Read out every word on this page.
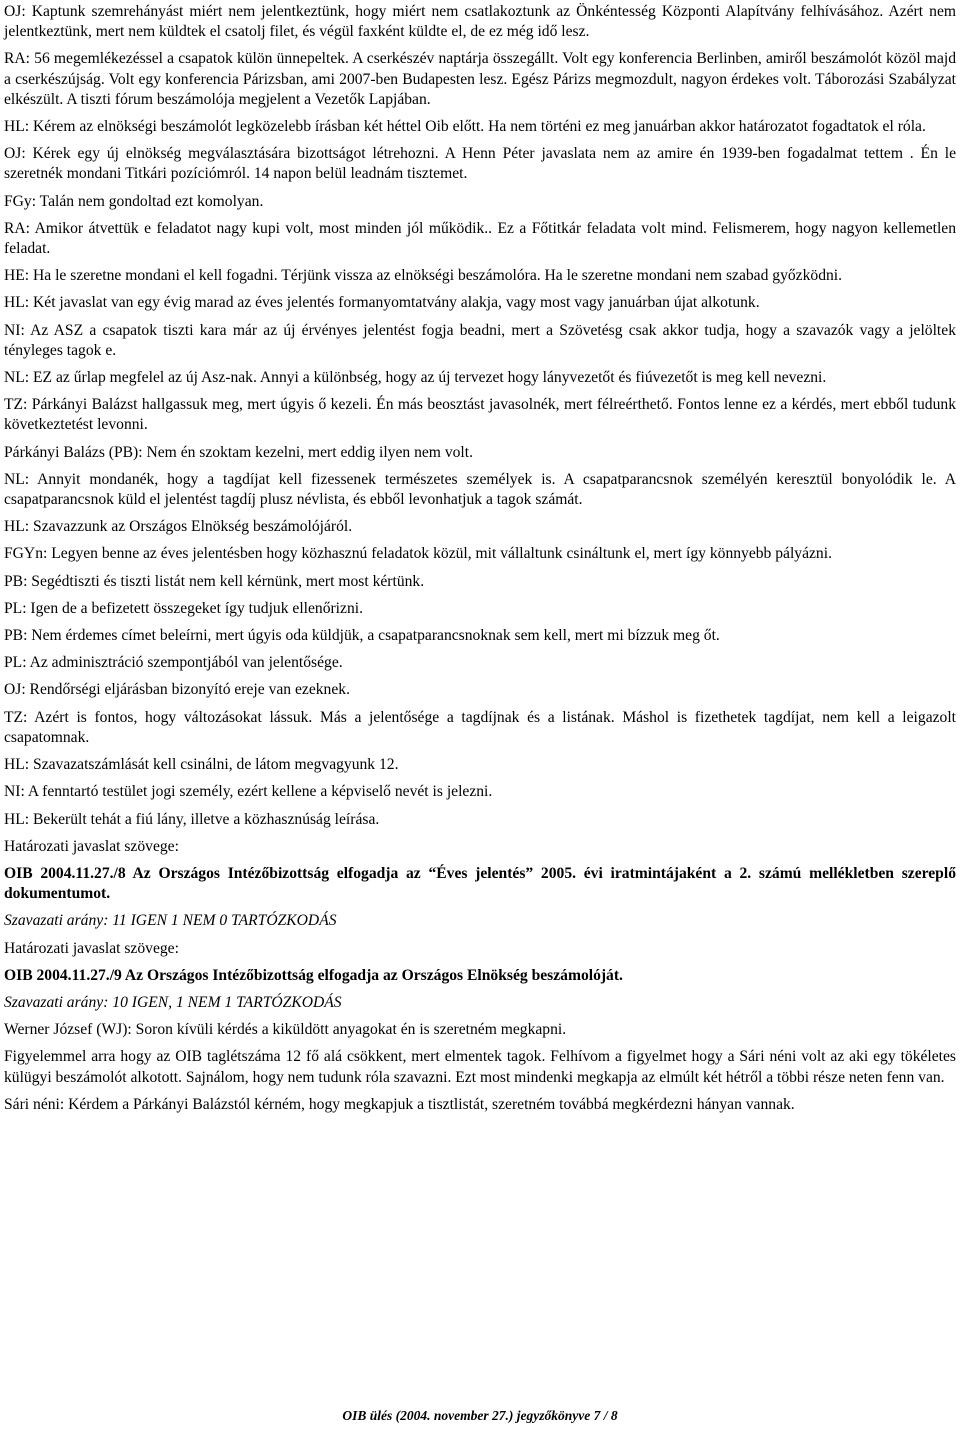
OJ: Kaptunk szemrehányást miért nem jelentkeztünk, hogy miért nem csatlakoztunk az Önkéntesség Központi Alapítvány felhívásához. Azért nem jelentkeztünk, mert nem küldtek el csatolj filet, és végül faxként küldte el, de ez még idő lesz.

RA: 56 megemlékezéssel a csapatok külön ünnepeltek. A cserkészév naptárja összegállt. Volt egy konferencia Berlinben, amiről beszámolót közöl majd a cserkészújság. Volt egy konferencia Párizsban, ami 2007-ben Budapesten lesz. Egész Párizs megmozdult, nagyon érdekes volt. Táborozási Szabályzat elkészült. A tiszti fórum beszámolója megjelent a Vezetők Lapjában.

HL: Kérem az elnökségi beszámolót legközelebb írásban két héttel Oib előtt. Ha nem történi ez meg januárban akkor határozatot fogadtatok el róla.

OJ: Kérek egy új elnökség megválasztására bizottságot létrehozni. A Henn Péter javaslata nem az amire én 1939-ben fogadalmat tettem . Én le szeretnék mondani Titkári pozíciómról. 14 napon belül leadnám tisztemet.

FGy: Talán nem gondoltad ezt komolyan.

RA: Amikor átvettük e feladatot nagy kupi volt, most minden jól működik.. Ez a Főtitkár feladata volt mind. Felismerem, hogy nagyon kellemetlen feladat.

HE: Ha le szeretne mondani el kell fogadni. Térjünk vissza az elnökségi beszámolóra. Ha le szeretne mondani nem szabad győzködni.

HL: Két javaslat van egy évig marad az éves jelentés formanyomtatvány alakja, vagy most vagy januárban újat alkotunk.

NI: Az ASZ a csapatok tiszti kara már az új érvényes jelentést fogja beadni, mert a Szövetésg csak akkor tudja, hogy a szavazók vagy a jelöltek tényleges tagok e.

NL: EZ az űrlap megfelel az új Asz-nak. Annyi a különbség, hogy az új tervezet hogy lányvezetőt és fiúvezetőt is meg kell nevezni.

TZ: Párkányi Balázst hallgassuk meg, mert úgyis ő kezeli. Én más beosztást javasolnék, mert félreérthető. Fontos lenne ez a kérdés, mert ebből tudunk következtetést levonni.

Párkányi Balázs (PB): Nem én szoktam kezelni, mert eddig ilyen nem volt.

NL: Annyit mondanék, hogy a tagdíjat kell fizessenek természetes személyek is. A csapatparancsnok személyén keresztül bonyolódik le. A csapatparancsnok küld el jelentést tagdíj plusz névlista, és ebből levonhatjuk a tagok számát.

HL: Szavazzunk az Országos Elnökség beszámolójáról.

FGYn: Legyen benne az éves jelentésben hogy közhasznú feladatok közül, mit vállaltunk csináltunk el, mert így könnyebb pályázni.

PB: Segédtiszti és tiszti listát nem kell kérnünk, mert most kértünk.

PL: Igen de a befizetett összegeket így tudjuk ellenőrizni.

PB: Nem érdemes címet beleírni, mert úgyis oda küldjük, a csapatparancsnoknak sem kell, mert mi bízzuk meg őt.

PL: Az adminisztráció szempontjából van jelentősége.

OJ: Rendőrségi eljárásban bizonyító ereje van ezeknek.

TZ: Azért is fontos, hogy változásokat lássuk. Más a jelentősége a tagdíjnak és a listának. Máshol is fizethetek tagdíjat, nem kell a leigazolt csapatomnak.

HL: Szavazatszámlását kell csinálni, de látom megvagyunk 12.

NI: A fenntartó testület jogi személy, ezért kellene a képviselő nevét is jelezni.

HL: Bekerült tehát a fiú lány, illetve a közhasznúság leírása.

Határozati javaslat szövege:

OIB 2004.11.27./8 Az Országos Intézőbizottság elfogadja az “Éves jelentés” 2005. évi iratmintájaként a 2. számú mellékletben szereplő dokumentumot.

Szavazati arány: 11 IGEN 1 NEM 0 TARTÓZKODÁS

Határozati javaslat szövege:

OIB 2004.11.27./9 Az Országos Intézőbizottság elfogadja az Országos Elnökség beszámolóját.

Szavazati arány: 10 IGEN, 1 NEM 1 TARTÓZKODÁS

Werner József (WJ): Soron kívüli kérdés a kiküldött anyagokat én is szeretném megkapni.

Figyelemmel arra hogy az OIB taglétszáma 12 fő alá csökkent, mert elmentek tagok. Felhívom a figyelmet hogy a Sári néni volt az aki egy tökéletes külügyi beszámolót alkotott. Sajnálom, hogy nem tudunk róla szavazni. Ezt most mindenki megkapja az elmúlt két hétről a többi része neten fenn van.

Sári néni: Kérdem a Párkányi Balázstól kérném, hogy megkapjuk a tisztlistát, szeretném továbbá megkérdezni hányan vannak.

OIB ülés (2004. november 27.) jegyzőkönyve 7 / 8
